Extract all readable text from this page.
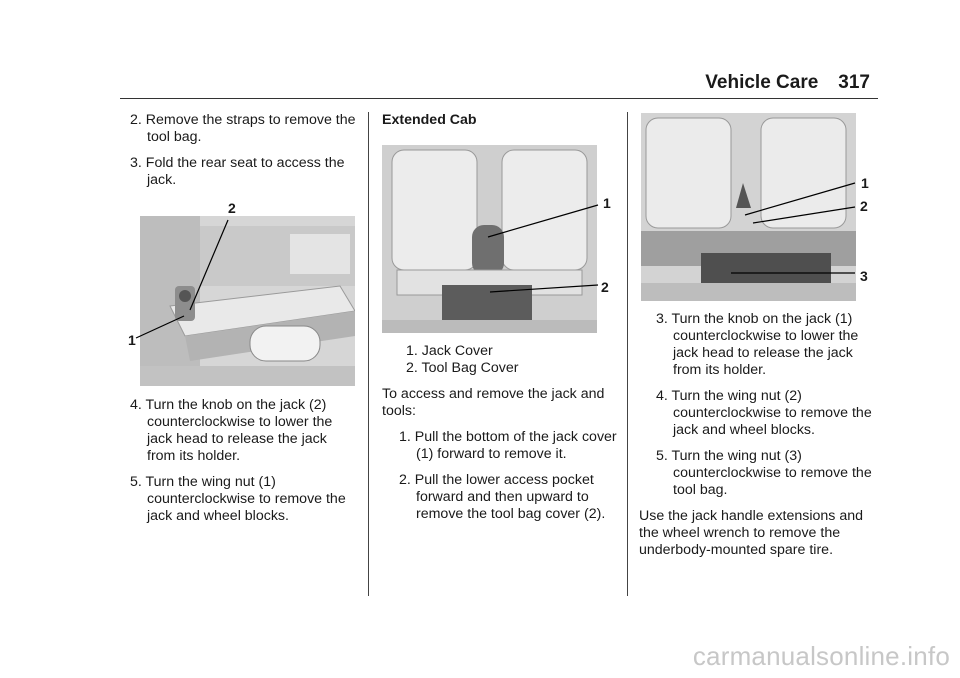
Vehicle Care 317

2. Remove the straps to remove the tool bag.

3. Fold the rear seat to access the jack.

2
1

4. Turn the knob on the jack (2) counterclockwise to lower the jack head to release the jack from its holder.

5. Turn the wing nut (1) counterclockwise to remove the jack and wheel blocks.

Extended Cab

1
2
1. Jack Cover
2. Tool Bag Cover

To access and remove the jack and tools:

1. Pull the bottom of the jack cover (1) forward to remove it.

2. Pull the lower access pocket forward and then upward to remove the tool bag cover (2).

1
2
3

3. Turn the knob on the jack (1) counterclockwise to lower the jack head to release the jack from its holder.

4. Turn the wing nut (2) counterclockwise to remove the jack and wheel blocks.

5. Turn the wing nut (3) counterclockwise to remove the tool bag.

Use the jack handle extensions and the wheel wrench to remove the underbody-mounted spare tire.

carmanualsonline.info
